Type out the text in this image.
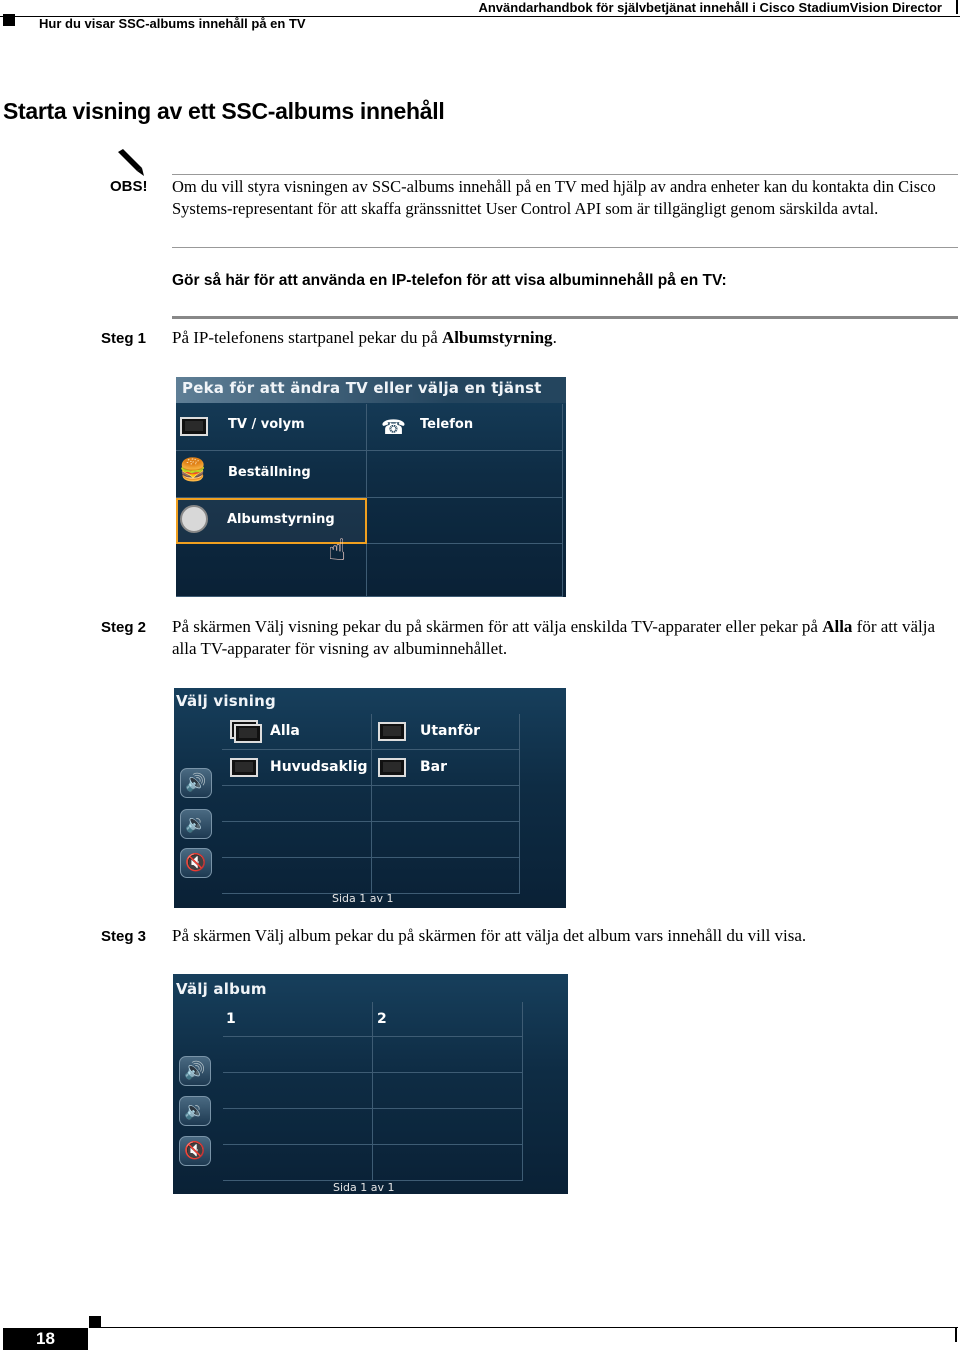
Hur du visar SSC-albums innehåll på en TV
Användarhandbok för självbetjänat innehåll i Cisco StadiumVision Director
Starta visning av ett SSC-albums innehåll
OBS! Om du vill styra visningen av SSC-albums innehåll på en TV med hjälp av andra enheter kan du kontakta din Cisco Systems-representant för att skaffa gränssnittet User Control API som är tillgängligt genom särskilda avtal.
Gör så här för att använda en IP-telefon för att visa albuminnehåll på en TV:
Steg 1 På IP-telefonens startpanel pekar du på Albumstyrning.
Peka för att ändra TV eller välja en tjänst
TV / volym	☎ Telefon
🍔 Beställning
Albumstyrning
☝
Steg 2 På skärmen Välj visning pekar du på skärmen för att välja enskilda TV-apparater eller pekar på Alla för att välja alla TV-apparater för visning av albuminnehållet.
Välj visning
Alla	Utanför
Huvudsaklig	Bar
🔊
🔉
🔇
Sida 1 av 1
Steg 3 På skärmen Välj album pekar du på skärmen för att välja det album vars innehåll du vill visa.
Välj album
1	2
🔊
🔉
🔇
Sida 1 av 1
18
